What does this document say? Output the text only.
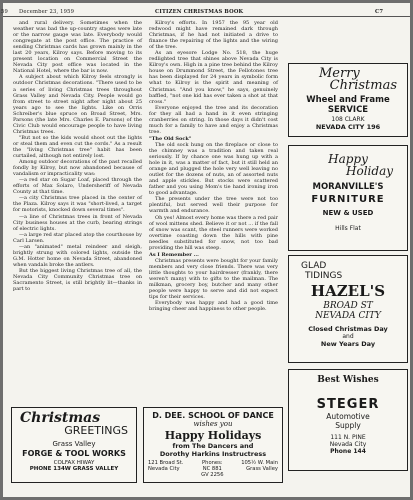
59 December 23, 1959	CITIZEN CHRISTMAS BOOK	C7

and rural delivery. Sometimes when the weather was bad the up-country stages were late or the narrow gauge was late. Everybody would congregate at the post office. The practice of sending Christmas cards has grown mainly in the last 20 years, Kilroy says. Before moving to its present location on Commercial Street the Nevada City post office was located in the National Hotel, where the bar is now.

A subject about which Kilroy feels strongly is outdoor Christmas decorations. "There used to be a series of living Christmas trees throughout Grass Valley and Nevada City. People would go from street to street night after night about 25 years ago to see the lights. Like on Orris Schreiber's blue spruce on Broad Street, Mrs. Parsons (the late Mrs. Charles E. Parsons) of the Civic Club would encourage people to have living Christmas trees.

"But not so the kids would shoot out the lights or steal them and even cut the cords." As a result the "living Christmas tree" habit has been curtailed, although not entirely lost.

Among outdoor decorations of the past recalled fondly by Kilroy, but now abandoned because of vandalism or impracticality was:

—a red star on Sugar Loaf, placed through the efforts of Max Solaro, Undersheriff of Nevada County at that time.

—a city Christmas tree placed in the center of the Plaza. Kilroy says it was "short-lived, a target for motorists, knocked down several times".

—a line of Christmas trees in front of Nevada City business houses at the curb, bearing strings of electric lights.

—a large red star placed atop the courthouse by Carl Larsen.

—an "animated" metal reindeer and sleigh, brightly strung with colored lights, outside the G.M. Hotter home on Nevada Street, abandoned when vandals broke the antlers.

But the biggest living Christmas tree of all, the Nevada City Community Christmas tree on Sacramento Street, is still brightly lit—thanks in part to

Kilroy's efforts. In 1957 the 95 year old redwood might have remained dark through Christmas, if he had not initiated a drive to finance the repairing of the lights and the wiring of the tree.

As an eyesore Lodge No. 518, the huge redlighted tree that shines above Nevada City is Kilroy's own. High in a pine tree behind the Kilroy house on Drummond Street, the Fellotones tree has been displayed for 24 years in symbolic form what to Kilroy is the spirit and meaning of Christmas. "And you know," he says, genuinely baffled, "not one kid has ever taken a shot at that cross."

Everyone enjoyed the tree and its decoration for they all had a hand in it even stringing cranberries on string. In those days it didn't cost much for a family to have and enjoy a Christmas tree.

"The Old Sock"

The old sock hung on the fireplace or close to the chimney was a tradition and taken real seriously. If by chance one was hung up with a hole in it, was a matter of fact, but it still held an orange and plugged the hole very well leaving no outlet for the dozens of nuts, an of assorted nuts and apple stickles. But stocks were scattered father and you using Mom's tie hand ironing iron to good advantage.

The presents under the tree were not too plentiful, but served well their purpose for warmth and endurance.

Oh yes! Almost every home was there a red pair of wool mittens shed. Believe it or not ... if the fall of snow was scant, the steel runners were worked overtime coasting down the hills with pine needles substituted for snow, not too bad providing the hill was steep.

As I Remember ...

Christmas presents were bought for your family members and very close friends. There was very little thoughts to your hairdresser (frankly, there weren't many) with to gifts to the mailman. The milkman, grocery boy, butcher and many other people were happy to serve and did not expect tips for their services.

Everybody was happy and had a good time bringing cheer and happiness to other people.

Merry
Christmas
Wheel and Frame
SERVICE
108 CLARK
NEVADA CITY 196
Happy
Holiday
MORANVILLE'S
FURNITURE
NEW & USED
Hills Flat
GLAD
TIDINGS
HAZEL'S
BROAD ST
NEVADA CITY
Closed Christmas Day
and
New Years Day
Best Wishes
STEGER
Automotive
Supply
111 N. PINE
Nevada City
Phone 144
Christmas
GREETINGS
Grass Valley
FORGE & TOOL WORKS
COLFAX HIWAY
PHONE 134W GRASS VALLEY
D. DEE. SCHOOL OF DANCE
wishes you
Happy Holidays
from The Dancers and
Dorothy Harkins Instructress
121 Broad St.
Nevada City
Phones:
NC 881
GV 2256
105½ W. Main
Grass Valley
